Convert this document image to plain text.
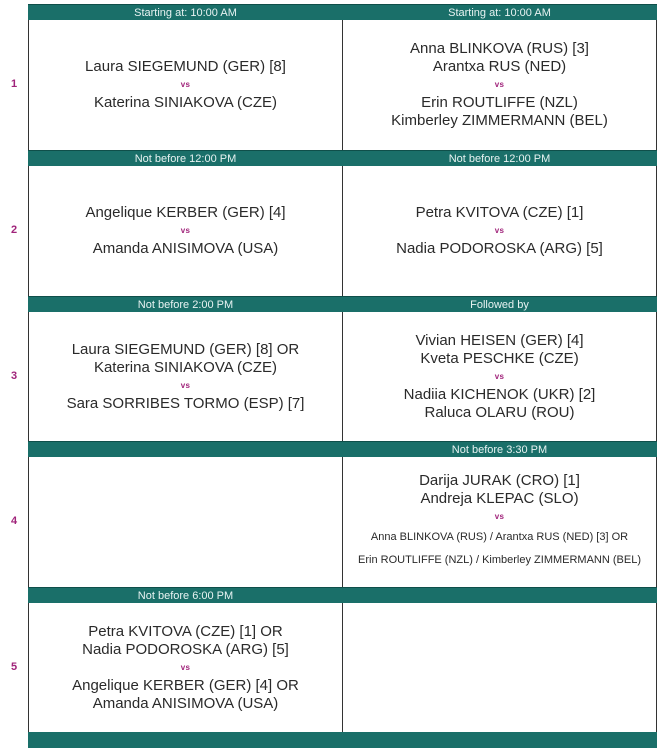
1
Starting at: 10:00 AM
Laura SIEGEMUND (GER) [8]
vs
Katerina SINIAKOVA (CZE)
Starting at: 10:00 AM
Anna BLINKOVA (RUS) [3]
Arantxa RUS (NED)
vs
Erin ROUTLIFFE (NZL)
Kimberley ZIMMERMANN (BEL)
2
Not before 12:00 PM
Angelique KERBER (GER) [4]
vs
Amanda ANISIMOVA (USA)
Not before 12:00 PM
Petra KVITOVA (CZE) [1]
vs
Nadia PODOROSKA (ARG) [5]
3
Not before 2:00 PM
Laura SIEGEMUND (GER) [8] OR
Katerina SINIAKOVA (CZE)
vs
Sara SORRIBES TORMO (ESP) [7]
Followed by
Vivian HEISEN (GER) [4]
Kveta PESCHKE (CZE)
vs
Nadiia KICHENOK (UKR) [2]
Raluca OLARU (ROU)
4
Not before 3:30 PM
Darija JURAK (CRO) [1]
Andreja KLEPAC (SLO)
vs
Anna BLINKOVA (RUS) / Arantxa RUS (NED) [3] OR
Erin ROUTLIFFE (NZL) / Kimberley ZIMMERMANN (BEL)
5
Not before 6:00 PM
Petra KVITOVA (CZE) [1] OR
Nadia PODOROSKA (ARG) [5]
vs
Angelique KERBER (GER) [4] OR
Amanda ANISIMOVA (USA)
